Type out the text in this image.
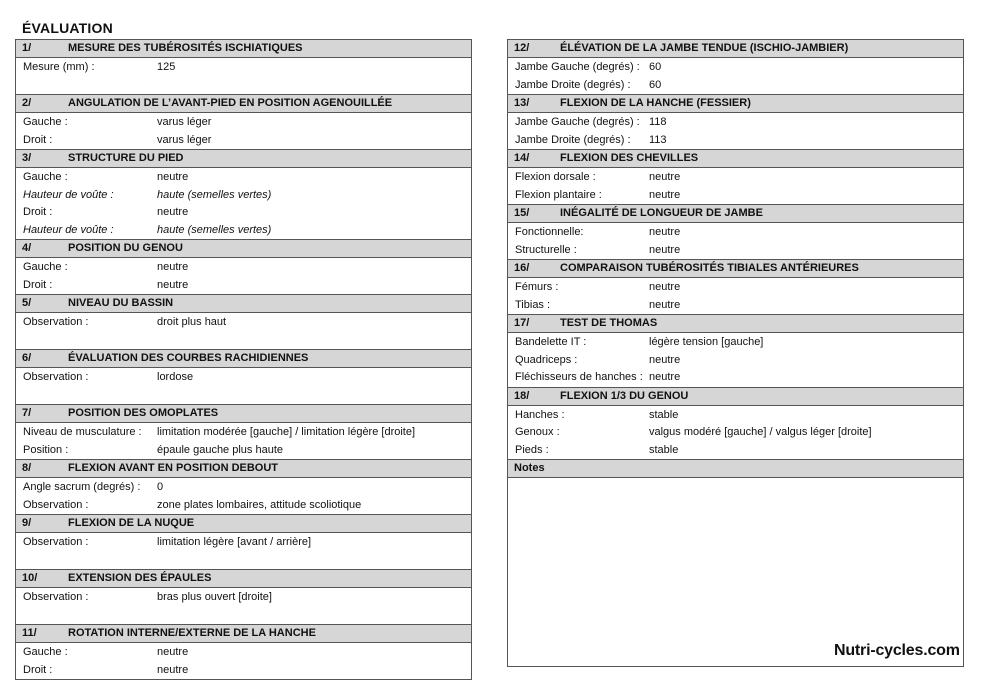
ÉVALUATION
1/	MESURE DES TUBÉROSITÉS ISCHIATIQUES
Mesure (mm) :	125
2/	ANGULATION DE L’AVANT-PIED EN POSITION AGENOUILLÉE
Gauche :	varus léger
Droit :	varus léger
3/	STRUCTURE DU PIED
Gauche :	neutre
Hauteur de voûte :	haute (semelles vertes)
Droit :	neutre
Hauteur de voûte :	haute (semelles vertes)
4/	POSITION DU GENOU
Gauche :	neutre
Droit :	neutre
5/	NIVEAU DU BASSIN
Observation :	droit plus haut
6/	ÉVALUATION DES COURBES RACHIDIENNES
Observation :	lordose
7/	POSITION DES OMOPLATES
Niveau de musculature : limitation modérée [gauche] / limitation légère [droite]
Position :	épaule gauche plus haute
8/	FLEXION AVANT EN POSITION DEBOUT
Angle sacrum (degrés) : 0
Observation :	zone plates lombaires, attitude scoliotique
9/	FLEXION DE LA NUQUE
Observation :	limitation légère [avant / arrière]
10/	EXTENSION DES ÉPAULES
Observation :	bras plus ouvert [droite]
11/	ROTATION INTERNE/EXTERNE DE LA HANCHE
Gauche :	neutre
Droit :	neutre
12/	ÉLÉVATION DE LA JAMBE TENDUE (ISCHIO-JAMBIER)
Jambe Gauche (degrés) : 60
Jambe Droite (degrés) : 60
13/	FLEXION DE LA HANCHE (FESSIER)
Jambe Gauche (degrés) : 118
Jambe Droite (degrés) : 113
14/	FLEXION DES CHEVILLES
Flexion dorsale :	neutre
Flexion plantaire :	neutre
15/	INÉGALITÉ DE LONGUEUR DE JAMBE
Fonctionnelle:	neutre
Structurelle :	neutre
16/	COMPARAISON TUBÉROSITÉS TIBIALES ANTÉRIEURES
Fémurs :	neutre
Tibias :	neutre
17/	TEST DE THOMAS
Bandelette IT :	légère tension [gauche]
Quadriceps :	neutre
Fléchisseurs de hanches : neutre
18/	FLEXION 1/3 DU GENOU
Hanches :	stable
Genoux :	valgus modéré [gauche] / valgus léger [droite]
Pieds :	stable
Notes
Nutri-cycles.com
